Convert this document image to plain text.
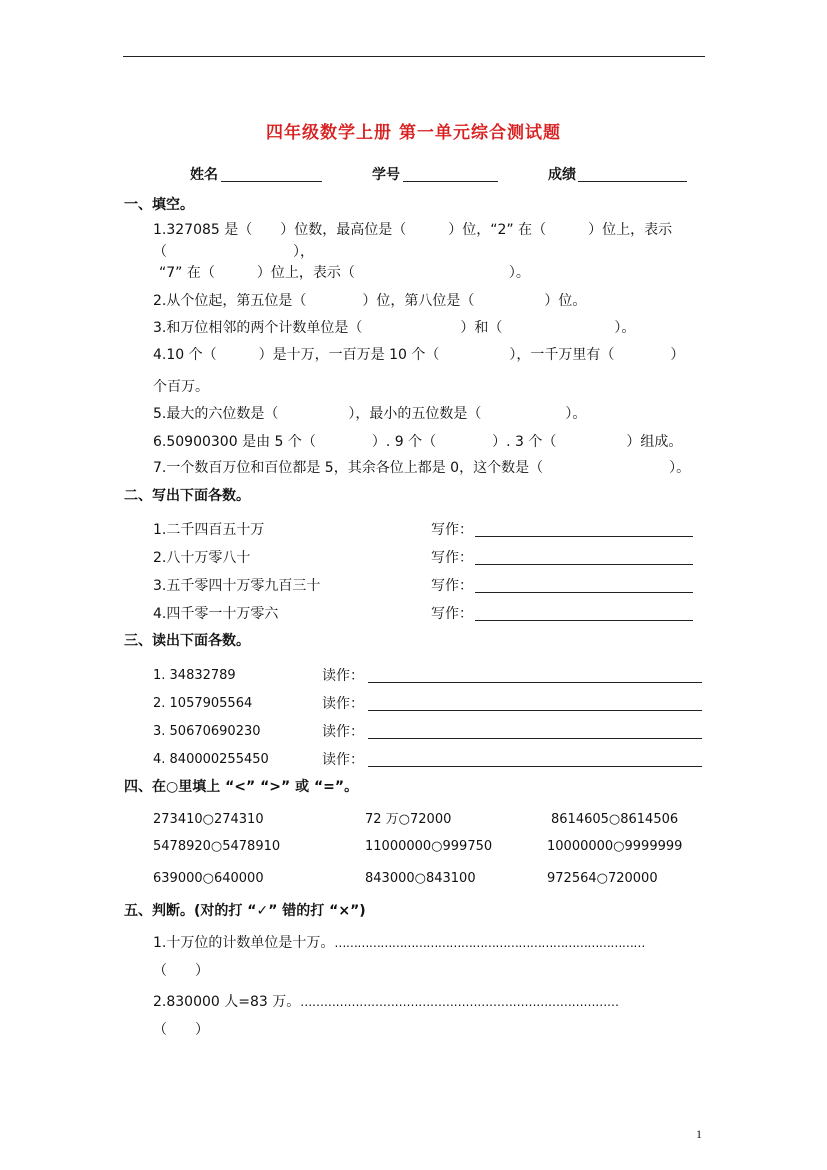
四年级数学上册 第一单元综合测试题
姓名	学号	成绩
一、填空。
1.327085 是（　　）位数，最高位是（　　　）位，“2” 在（　　　）位上，表示
（　　　　　　　　　），
“7” 在（　　　）位上，表示（　　　　　　　　　　　）。
2.从个位起，第五位是（　　　　）位，第八位是（　　　　　）位。
3.和万位相邻的两个计数单位是（　　　　　　　）和（　　　　　　　　）。
4.10 个（　　　）是十万，一百万是 10 个（　　　　　），一千万里有（　　　　）
个百万。
5.最大的六位数是（　　　　　），最小的五位数是（　　　　　　）。
6.50900300 是由 5 个（　　　　）. 9 个（　　　　）. 3 个（　　　　　）组成。
7.一个数百万位和百位都是 5，其余各位上都是 0，这个数是（　　　　　　　　　）。
二、写出下面各数。
1.二千四百五十万	写作：
2.八十万零八十	写作：
3.五千零四十万零九百三十	写作：
4.四千零一十万零六	写作：
三、读出下面各数。
1. 34832789	读作：
2. 1057905564	读作：
3. 50670690230	读作：
4. 840000255450	读作：
四、在○里填上 “<” “>” 或 “=”。
273410○274310	72 万○72000	8614605○8614506
5478920○5478910	11000000○999750	10000000○9999999
639000○640000	843000○843100	972564○720000
五、判断。(对的打 “✓” 错的打 “×”)
1.十万位的计数单位是十万。………………………………………………………………………
（　　）
2.830000 人=83 万。………………………………………………………………………
（　　）
1
